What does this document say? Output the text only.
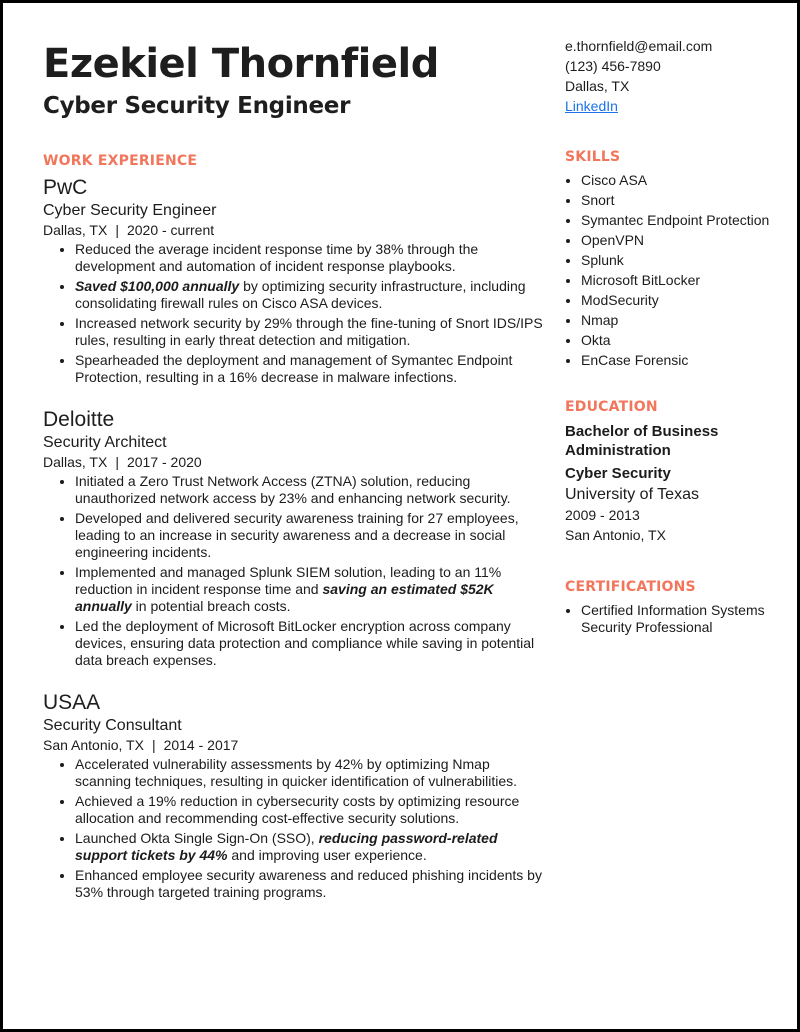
Ezekiel Thornfield
Cyber Security Engineer
WORK EXPERIENCE
PwC
Cyber Security Engineer
Dallas, TX | 2020 - current
• Reduced the average incident response time by 38% through the development and automation of incident response playbooks.
• Saved $100,000 annually by optimizing security infrastructure, including consolidating firewall rules on Cisco ASA devices.
• Increased network security by 29% through the fine-tuning of Snort IDS/IPS rules, resulting in early threat detection and mitigation.
• Spearheaded the deployment and management of Symantec Endpoint Protection, resulting in a 16% decrease in malware infections.
Deloitte
Security Architect
Dallas, TX | 2017 - 2020
• Initiated a Zero Trust Network Access (ZTNA) solution, reducing unauthorized network access by 23% and enhancing network security.
• Developed and delivered security awareness training for 27 employees, leading to an increase in security awareness and a decrease in social engineering incidents.
• Implemented and managed Splunk SIEM solution, leading to an 11% reduction in incident response time and saving an estimated $52K annually in potential breach costs.
• Led the deployment of Microsoft BitLocker encryption across company devices, ensuring data protection and compliance while saving in potential data breach expenses.
USAA
Security Consultant
San Antonio, TX | 2014 - 2017
• Accelerated vulnerability assessments by 42% by optimizing Nmap scanning techniques, resulting in quicker identification of vulnerabilities.
• Achieved a 19% reduction in cybersecurity costs by optimizing resource allocation and recommending cost-effective security solutions.
• Launched Okta Single Sign-On (SSO), reducing password-related support tickets by 44% and improving user experience.
• Enhanced employee security awareness and reduced phishing incidents by 53% through targeted training programs.
e.thornfield@email.com
(123) 456-7890
Dallas, TX
LinkedIn
SKILLS
• Cisco ASA
• Snort
• Symantec Endpoint Protection
• OpenVPN
• Splunk
• Microsoft BitLocker
• ModSecurity
• Nmap
• Okta
• EnCase Forensic
EDUCATION
Bachelor of Business Administration
Cyber Security
University of Texas
2009 - 2013
San Antonio, TX
CERTIFICATIONS
• Certified Information Systems Security Professional
